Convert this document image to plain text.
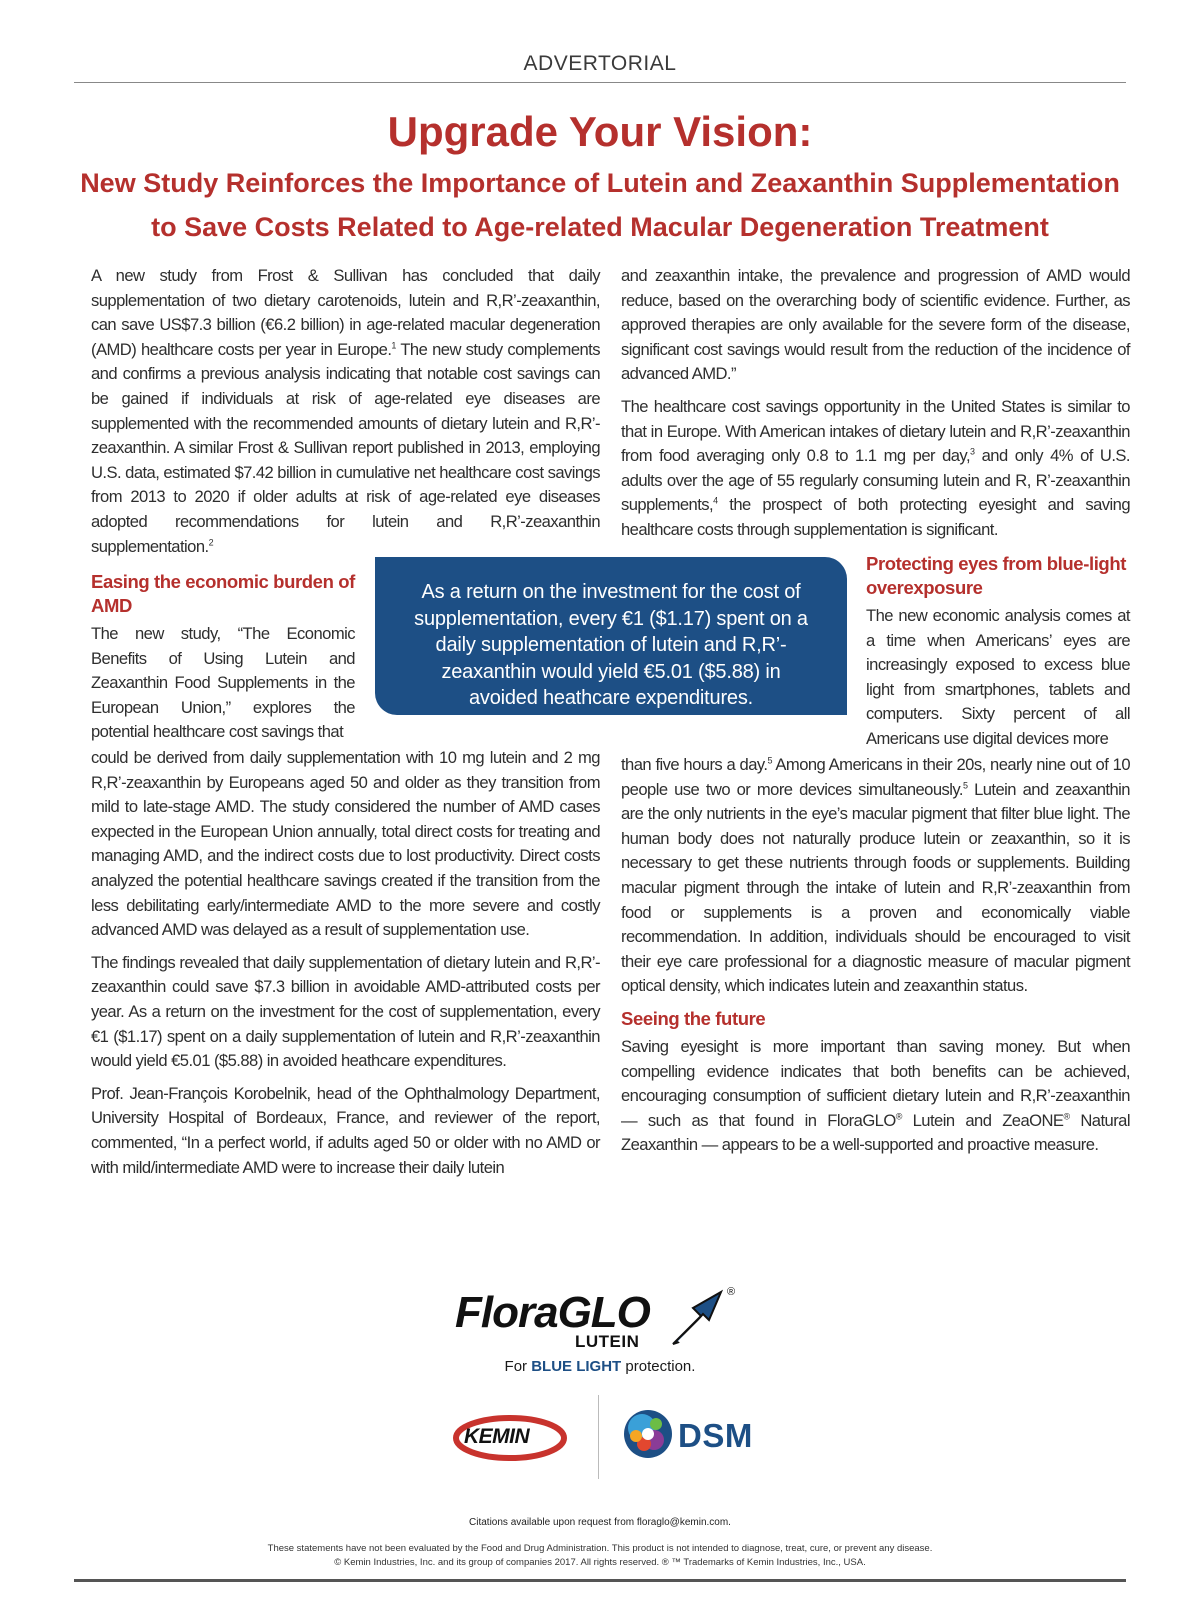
ADVERTORIAL
Upgrade Your Vision:
New Study Reinforces the Importance of Lutein and Zeaxanthin Supplementation
to Save Costs Related to Age-related Macular Degeneration Treatment

A new study from Frost & Sullivan has concluded that daily supplementation of two dietary carotenoids, lutein and R,R’-zeaxanthin, can save US$7.3 billion (€6.2 billion) in age-related macular degeneration (AMD) healthcare costs per year in Europe.$^1$ The new study complements and confirms a previous analysis indicating that notable cost savings can be gained if individuals at risk of age-related eye diseases are supplemented with the recommended amounts of dietary lutein and R,R’-zeaxanthin. A similar Frost & Sullivan report published in 2013, employing U.S. data, estimated $7.42 billion in cumulative net healthcare cost savings from 2013 to 2020 if older adults at risk of age-related eye diseases adopted recommendations for lutein and R,R’-zeaxanthin supplementation.$^2$

Easing the economic burden of AMD

The new study, “The Economic Benefits of Using Lutein and Zeaxanthin Food Supplements in the European Union,” explores the potential healthcare cost savings that

could be derived from daily supplementation with 10 mg lutein and 2 mg R,R’-zeaxanthin by Europeans aged 50 and older as they transition from mild to late-stage AMD. The study considered the number of AMD cases expected in the European Union annually, total direct costs for treating and managing AMD, and the indirect costs due to lost productivity. Direct costs analyzed the potential healthcare savings created if the transition from the less debilitating early/intermediate AMD to the more severe and costly advanced AMD was delayed as a result of supplementation use.

The findings revealed that daily supplementation of dietary lutein and R,R’-zeaxanthin could save $7.3 billion in avoidable AMD-attributed costs per year. As a return on the investment for the cost of supplementation, every €1 ($1.17) spent on a daily supplementation of lutein and R,R’-zeaxanthin would yield €5.01 ($5.88) in avoided heathcare expenditures.

Prof. Jean-François Korobelnik, head of the Ophthalmology Department, University Hospital of Bordeaux, France, and reviewer of the report, commented, “In a perfect world, if adults aged 50 or older with no AMD or with mild/intermediate AMD were to increase their daily lutein

As a return on the investment for the cost of supplementation, every €1 ($1.17) spent on a daily supplementation of lutein and R,R’-zeaxanthin would yield €5.01 ($5.88) in avoided heathcare expenditures.

and zeaxanthin intake, the prevalence and progression of AMD would reduce, based on the overarching body of scientific evidence. Further, as approved therapies are only available for the severe form of the disease, significant cost savings would result from the reduction of the incidence of advanced AMD.”

The healthcare cost savings opportunity in the United States is similar to that in Europe. With American intakes of dietary lutein and R,R’-zeaxanthin from food averaging only 0.8 to 1.1 mg per day,$^3$ and only 4% of U.S. adults over the age of 55 regularly consuming lutein and R, R’-zeaxanthin supplements,$^4$ the prospect of both protecting eyesight and saving healthcare costs through supplementation is significant.

Protecting eyes from blue-light overexposure

The new economic analysis comes at a time when Americans’ eyes are increasingly exposed to excess blue light from smartphones, tablets and computers. Sixty percent of all Americans use digital devices more

than five hours a day.$^5$ Among Americans in their 20s, nearly nine out of 10 people use two or more devices simultaneously.$^5$ Lutein and zeaxanthin are the only nutrients in the eye’s macular pigment that filter blue light. The human body does not naturally produce lutein or zeaxanthin, so it is necessary to get these nutrients through foods or supplements. Building macular pigment through the intake of lutein and R,R’-zeaxanthin from food or supplements is a proven and economically viable recommendation. In addition, individuals should be encouraged to visit their eye care professional for a diagnostic measure of macular pigment optical density, which indicates lutein and zeaxanthin status.

Seeing the future

Saving eyesight is more important than saving money. But when compelling evidence indicates that both benefits can be achieved, encouraging consumption of sufficient dietary lutein and R,R’-zeaxanthin — such as that found in FloraGLO® Lutein and ZeaONE® Natural Zeaxanthin — appears to be a well-supported and proactive measure.

FloraGLO	®
LUTEIN
For BLUE LIGHT protection.
KEMIN	DSM
Citations available upon request from floraglo@kemin.com.
These statements have not been evaluated by the Food and Drug Administration. This product is not intended to diagnose, treat, cure, or prevent any disease.
© Kemin Industries, Inc. and its group of companies 2017. All rights reserved. ® ™ Trademarks of Kemin Industries, Inc., USA.
